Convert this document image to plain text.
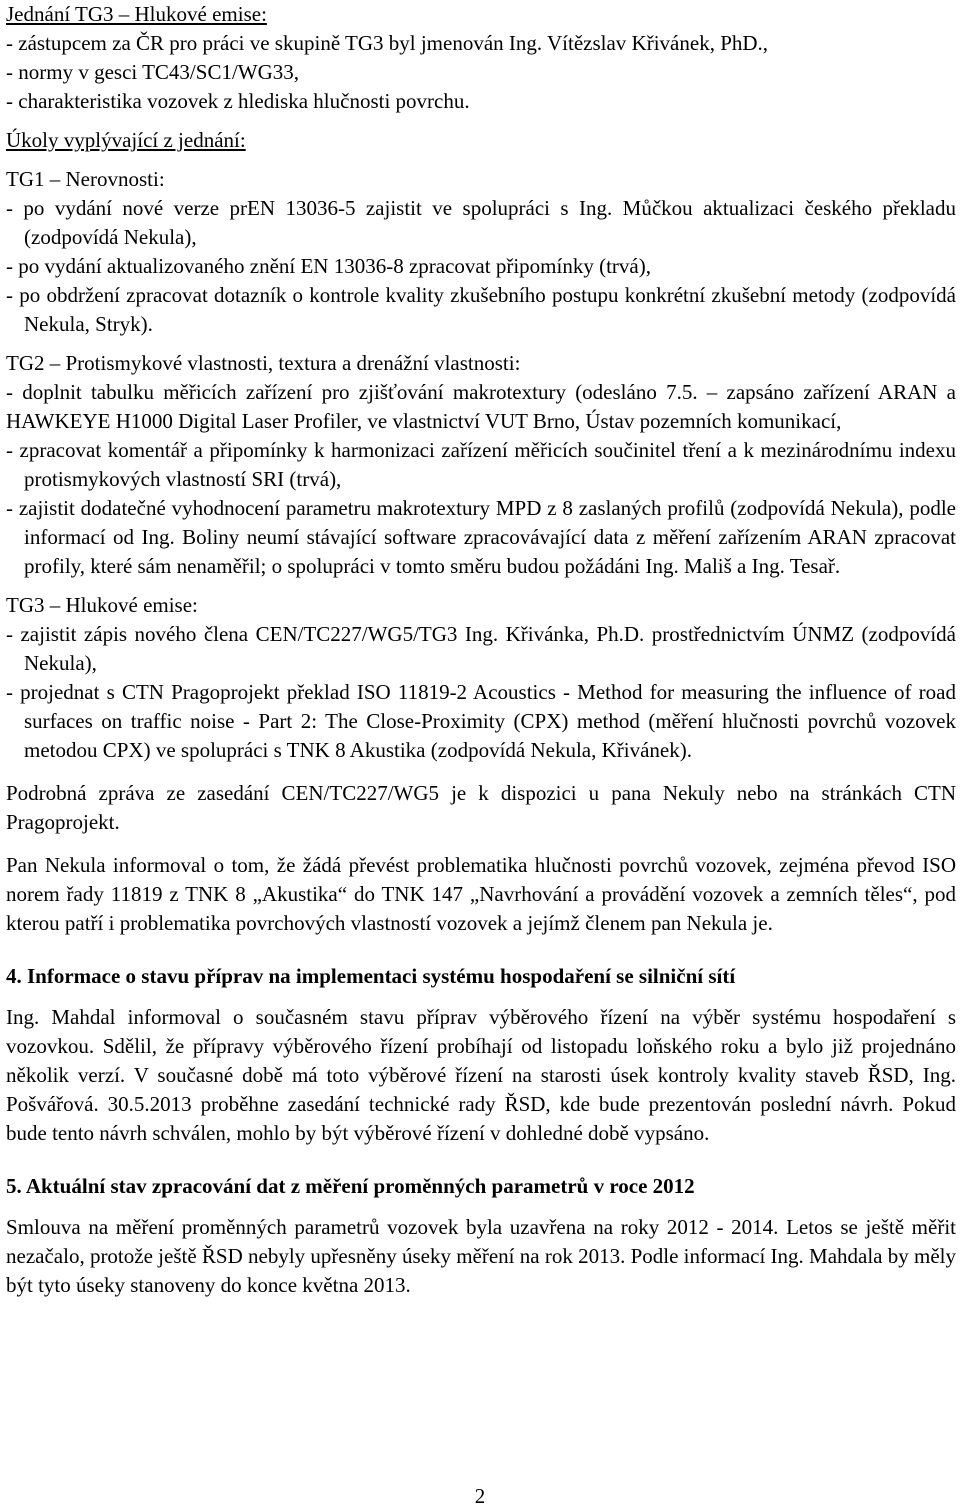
Jednání TG3 – Hlukové emise:

- zástupcem za ČR pro práci ve skupině TG3 byl jmenován Ing. Vítězslav Křivánek, PhD.,

- normy v gesci TC43/SC1/WG33,

- charakteristika vozovek z hlediska hlučnosti povrchu.

Úkoly vyplývající z jednání:

TG1 – Nerovnosti:

- po vydání nové verze prEN 13036-5 zajistit ve spolupráci s Ing. Můčkou aktualizaci českého překladu (zodpovídá Nekula),

- po vydání aktualizovaného znění EN 13036-8 zpracovat připomínky (trvá),

- po obdržení zpracovat dotazník o kontrole kvality zkušebního postupu konkrétní zkušební metody (zodpovídá Nekula, Stryk).

TG2 – Protismykové vlastnosti, textura a drenážní vlastnosti:

- doplnit tabulku měřicích zařízení pro zjišťování makrotextury (odesláno 7.5. – zapsáno zařízení ARAN a HAWKEYE H1000 Digital Laser Profiler, ve vlastnictví VUT Brno, Ústav pozemních komunikací,

- zpracovat komentář a připomínky k harmonizaci zařízení měřicích součinitel tření a k mezinárodnímu indexu protismykových vlastností SRI (trvá),

- zajistit dodatečné vyhodnocení parametru makrotextury MPD z 8 zaslaných profilů (zodpovídá Nekula), podle informací od Ing. Boliny neumí stávající software zpracovávající data z měření zařízením ARAN zpracovat profily, které sám nenaměřil; o spolupráci v tomto směru budou požádáni Ing. Mališ a Ing. Tesař.

TG3 – Hlukové emise:

- zajistit zápis nového člena CEN/TC227/WG5/TG3 Ing. Křivánka, Ph.D. prostřednictvím ÚNMZ (zodpovídá Nekula),

- projednat s CTN Pragoprojekt překlad ISO 11819-2 Acoustics - Method for measuring the influence of road surfaces on traffic noise - Part 2: The Close-Proximity (CPX) method (měření hlučnosti povrchů vozovek metodou CPX) ve spolupráci s TNK 8 Akustika (zodpovídá Nekula, Křivánek).

Podrobná zpráva ze zasedání CEN/TC227/WG5 je k dispozici u pana Nekuly nebo na stránkách CTN Pragoprojekt.

Pan Nekula informoval o tom, že žádá převést problematika hlučnosti povrchů vozovek, zejména převod ISO norem řady 11819 z TNK 8 „Akustika“ do TNK 147 „Navrhování a provádění vozovek a zemních těles“, pod kterou patří i problematika povrchových vlastností vozovek a jejímž členem pan Nekula je.

4. Informace o stavu příprav na implementaci systému hospodaření se silniční sítí

Ing. Mahdal informoval o současném stavu příprav výběrového řízení na výběr systému hospodaření s vozovkou. Sdělil, že přípravy výběrového řízení probíhají od listopadu loňského roku a bylo již projednáno několik verzí. V současné době má toto výběrové řízení na starosti úsek kontroly kvality staveb ŘSD, Ing. Pošvářová. 30.5.2013 proběhne zasedání technické rady ŘSD, kde bude prezentován poslední návrh. Pokud bude tento návrh schválen, mohlo by být výběrové řízení v dohledné době vypsáno.

5. Aktuální stav zpracování dat z měření proměnných parametrů v roce 2012

Smlouva na měření proměnných parametrů vozovek byla uzavřena na roky 2012 - 2014. Letos se ještě měřit nezačalo, protože ještě ŘSD nebyly upřesněny úseky měření na rok 2013. Podle informací Ing. Mahdala by měly být tyto úseky stanoveny do konce května 2013.

2
